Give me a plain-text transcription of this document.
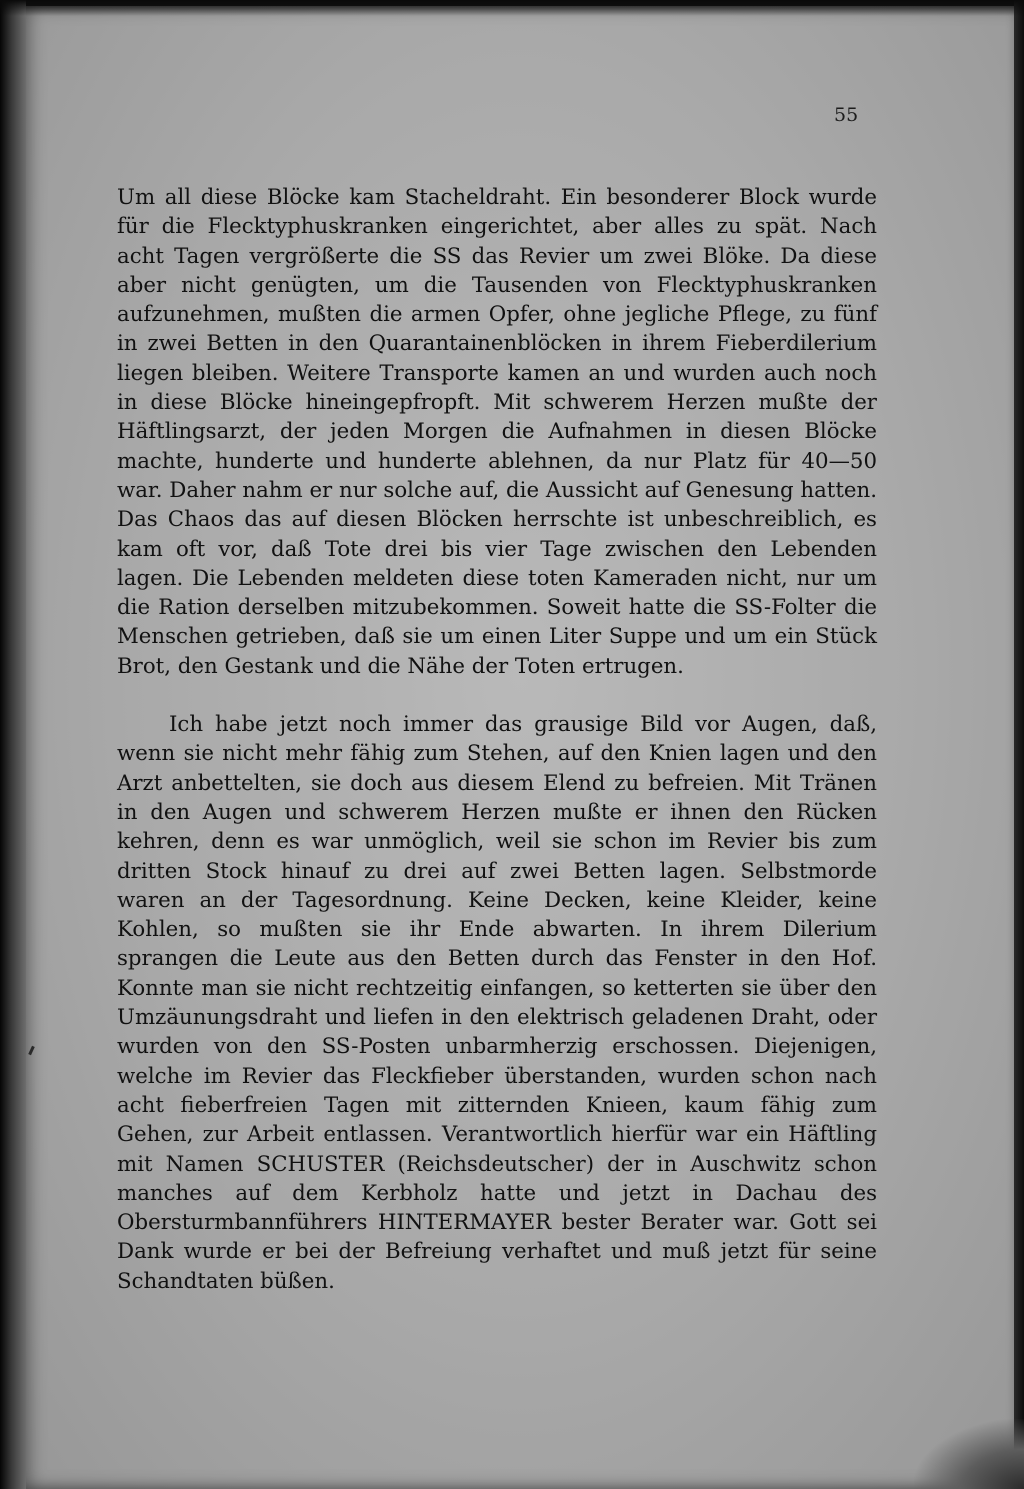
55

Um all diese Blöcke kam Stacheldraht. Ein besonderer Block wurde für die Flecktyphuskranken eingerichtet, aber alles zu spät. Nach acht Tagen vergrößerte die SS das Revier um zwei Blöke. Da diese aber nicht genügten, um die Tausenden von Flecktyphuskranken aufzunehmen, mußten die armen Opfer, ohne jegliche Pflege, zu fünf in zwei Betten in den Quarantainenblöcken in ihrem Fieberdilerium liegen bleiben. Weitere Transporte kamen an und wurden auch noch in diese Blöcke hineingepfropft. Mit schwerem Herzen mußte der Häftlingsarzt, der jeden Morgen die Aufnahmen in diesen Blöcke machte, hunderte und hunderte ablehnen, da nur Platz für 40—50 war. Daher nahm er nur solche auf, die Aussicht auf Genesung hatten. Das Chaos das auf diesen Blöcken herrschte ist unbeschreiblich, es kam oft vor, daß Tote drei bis vier Tage zwischen den Lebenden lagen. Die Lebenden meldeten diese toten Kameraden nicht, nur um die Ration derselben mitzubekommen. Soweit hatte die SS-Folter die Menschen getrieben, daß sie um einen Liter Suppe und um ein Stück Brot, den Gestank und die Nähe der Toten ertrugen.

Ich habe jetzt noch immer das grausige Bild vor Augen, daß, wenn sie nicht mehr fähig zum Stehen, auf den Knien lagen und den Arzt anbettelten, sie doch aus diesem Elend zu befreien. Mit Tränen in den Augen und schwerem Herzen mußte er ihnen den Rücken kehren, denn es war unmöglich, weil sie schon im Revier bis zum dritten Stock hinauf zu drei auf zwei Betten lagen. Selbstmorde waren an der Tagesordnung. Keine Decken, keine Kleider, keine Kohlen, so mußten sie ihr Ende abwarten. In ihrem Dilerium sprangen die Leute aus den Betten durch das Fenster in den Hof. Konnte man sie nicht rechtzeitig einfangen, so ketterten sie über den Umzäunungsdraht und liefen in den elektrisch geladenen Draht, oder wurden von den SS-Posten unbarmherzig erschossen. Diejenigen, welche im Revier das Fleckfieber überstanden, wurden schon nach acht fieberfreien Tagen mit zitternden Knieen, kaum fähig zum Gehen, zur Arbeit entlassen. Verantwortlich hierfür war ein Häftling mit Namen SCHUSTER (Reichsdeutscher) der in Auschwitz schon manches auf dem Kerbholz hatte und jetzt in Dachau des Obersturmbannführers HINTERMAYER bester Berater war. Gott sei Dank wurde er bei der Befreiung verhaftet und muß jetzt für seine Schandtaten büßen.
